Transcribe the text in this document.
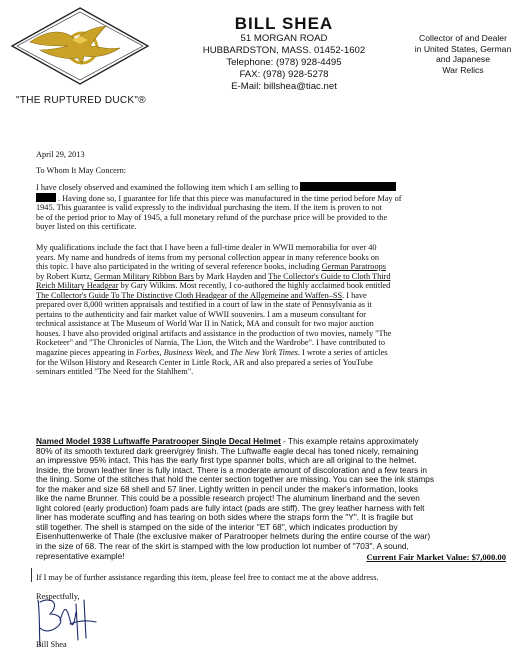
"THE RUPTURED DUCK"®
BILL SHEA
51 MORGAN ROAD
HUBBARDSTON, MASS. 01452-1602
Telephone: (978) 928-4495
FAX: (978) 928-5278
E-Mail: billshea@tiac.net
Collector of and Dealer
in United States, German
and Japanese
War Relics
April 29, 2013
To Whom It May Concern:
I have closely observed and examined the following item which I am selling to
. Having done so, I guarantee for life that this piece was manufactured in the time period before May of
1945. This guarantee is valid expressly to the individual purchasing the item. If the item is proven to not
be of the period prior to May of 1945, a full monetary refund of the purchase price will be provided to the
buyer listed on this certificate.
My qualifications include the fact that I have been a full-time dealer in WWII memorabilia for over 40
years. My name and hundreds of items from my personal collection appear in many reference books on
this topic. I have also participated in the writing of several reference books, including German Paratroops
by Robert Kurtz, German Military Ribbon Bars by Mark Hayden and The Collector's Guide to Cloth Third
Reich Military Headgear by Gary Wilkins. Most recently, I co-authored the highly acclaimed book entitled
The Collector's Guide To The Distinctive Cloth Headgear of the Allgemeine and Waffen–SS. I have
prepared over 8,000 written appraisals and testified in a court of law in the state of Pennsylvania as it
pertains to the authenticity and fair market value of WWII souvenirs. I am a museum consultant for
technical assistance at The Museum of World War II in Natick, MA and consult for two major auction
houses. I have also provided original artifacts and assistance in the production of two movies, namely "The
Rocketeer" and "The Chronicles of Narnia, The Lion, the Witch and the Wardrobe". I have contributed to
magazine pieces appearing in Forbes, Business Week, and The New York Times. I wrote a series of articles
for the Wilson History and Research Center in Little Rock, AR and also prepared a series of YouTube
seminars entitled "The Need for the Stahlhem".
Named Model 1938 Luftwaffe Paratrooper Single Decal Helmet - This example retains approximately
80% of its smooth textured dark green/grey finish. The Luftwaffe eagle decal has toned nicely, remaining
an impressive 95% intact. This has the early first type spanner bolts, which are all original to the helmet.
Inside, the brown leather liner is fully intact. There is a moderate amount of discoloration and a few tears in
the lining. Some of the stitches that hold the center section together are missing. You can see the ink stamps
for the maker and size 68 shell and 57 liner. Lightly written in pencil under the maker's information, looks
like the name Brunner. This could be a possible research project! The aluminum linerband and the seven
light colored (early production) foam pads are fully intact (pads are stiff). The grey leather harness with felt
liner has moderate scuffing and has tearing on both sides where the straps form the "Y". It is fragile but
still together. The shell is stamped on the side of the interior "ET 68", which indicates production by
Eisenhuttenwerke of Thale (the exclusive maker of Paratrooper helmets during the entire course of the war)
in the size of 68. The rear of the skirt is stamped with the low production lot number of "703". A sound,
representative example!	Current Fair Market Value: $7,000.00
If I may be of further assistance regarding this item, please feel free to contact me at the above address.
Respectfully,
Bill Shea
